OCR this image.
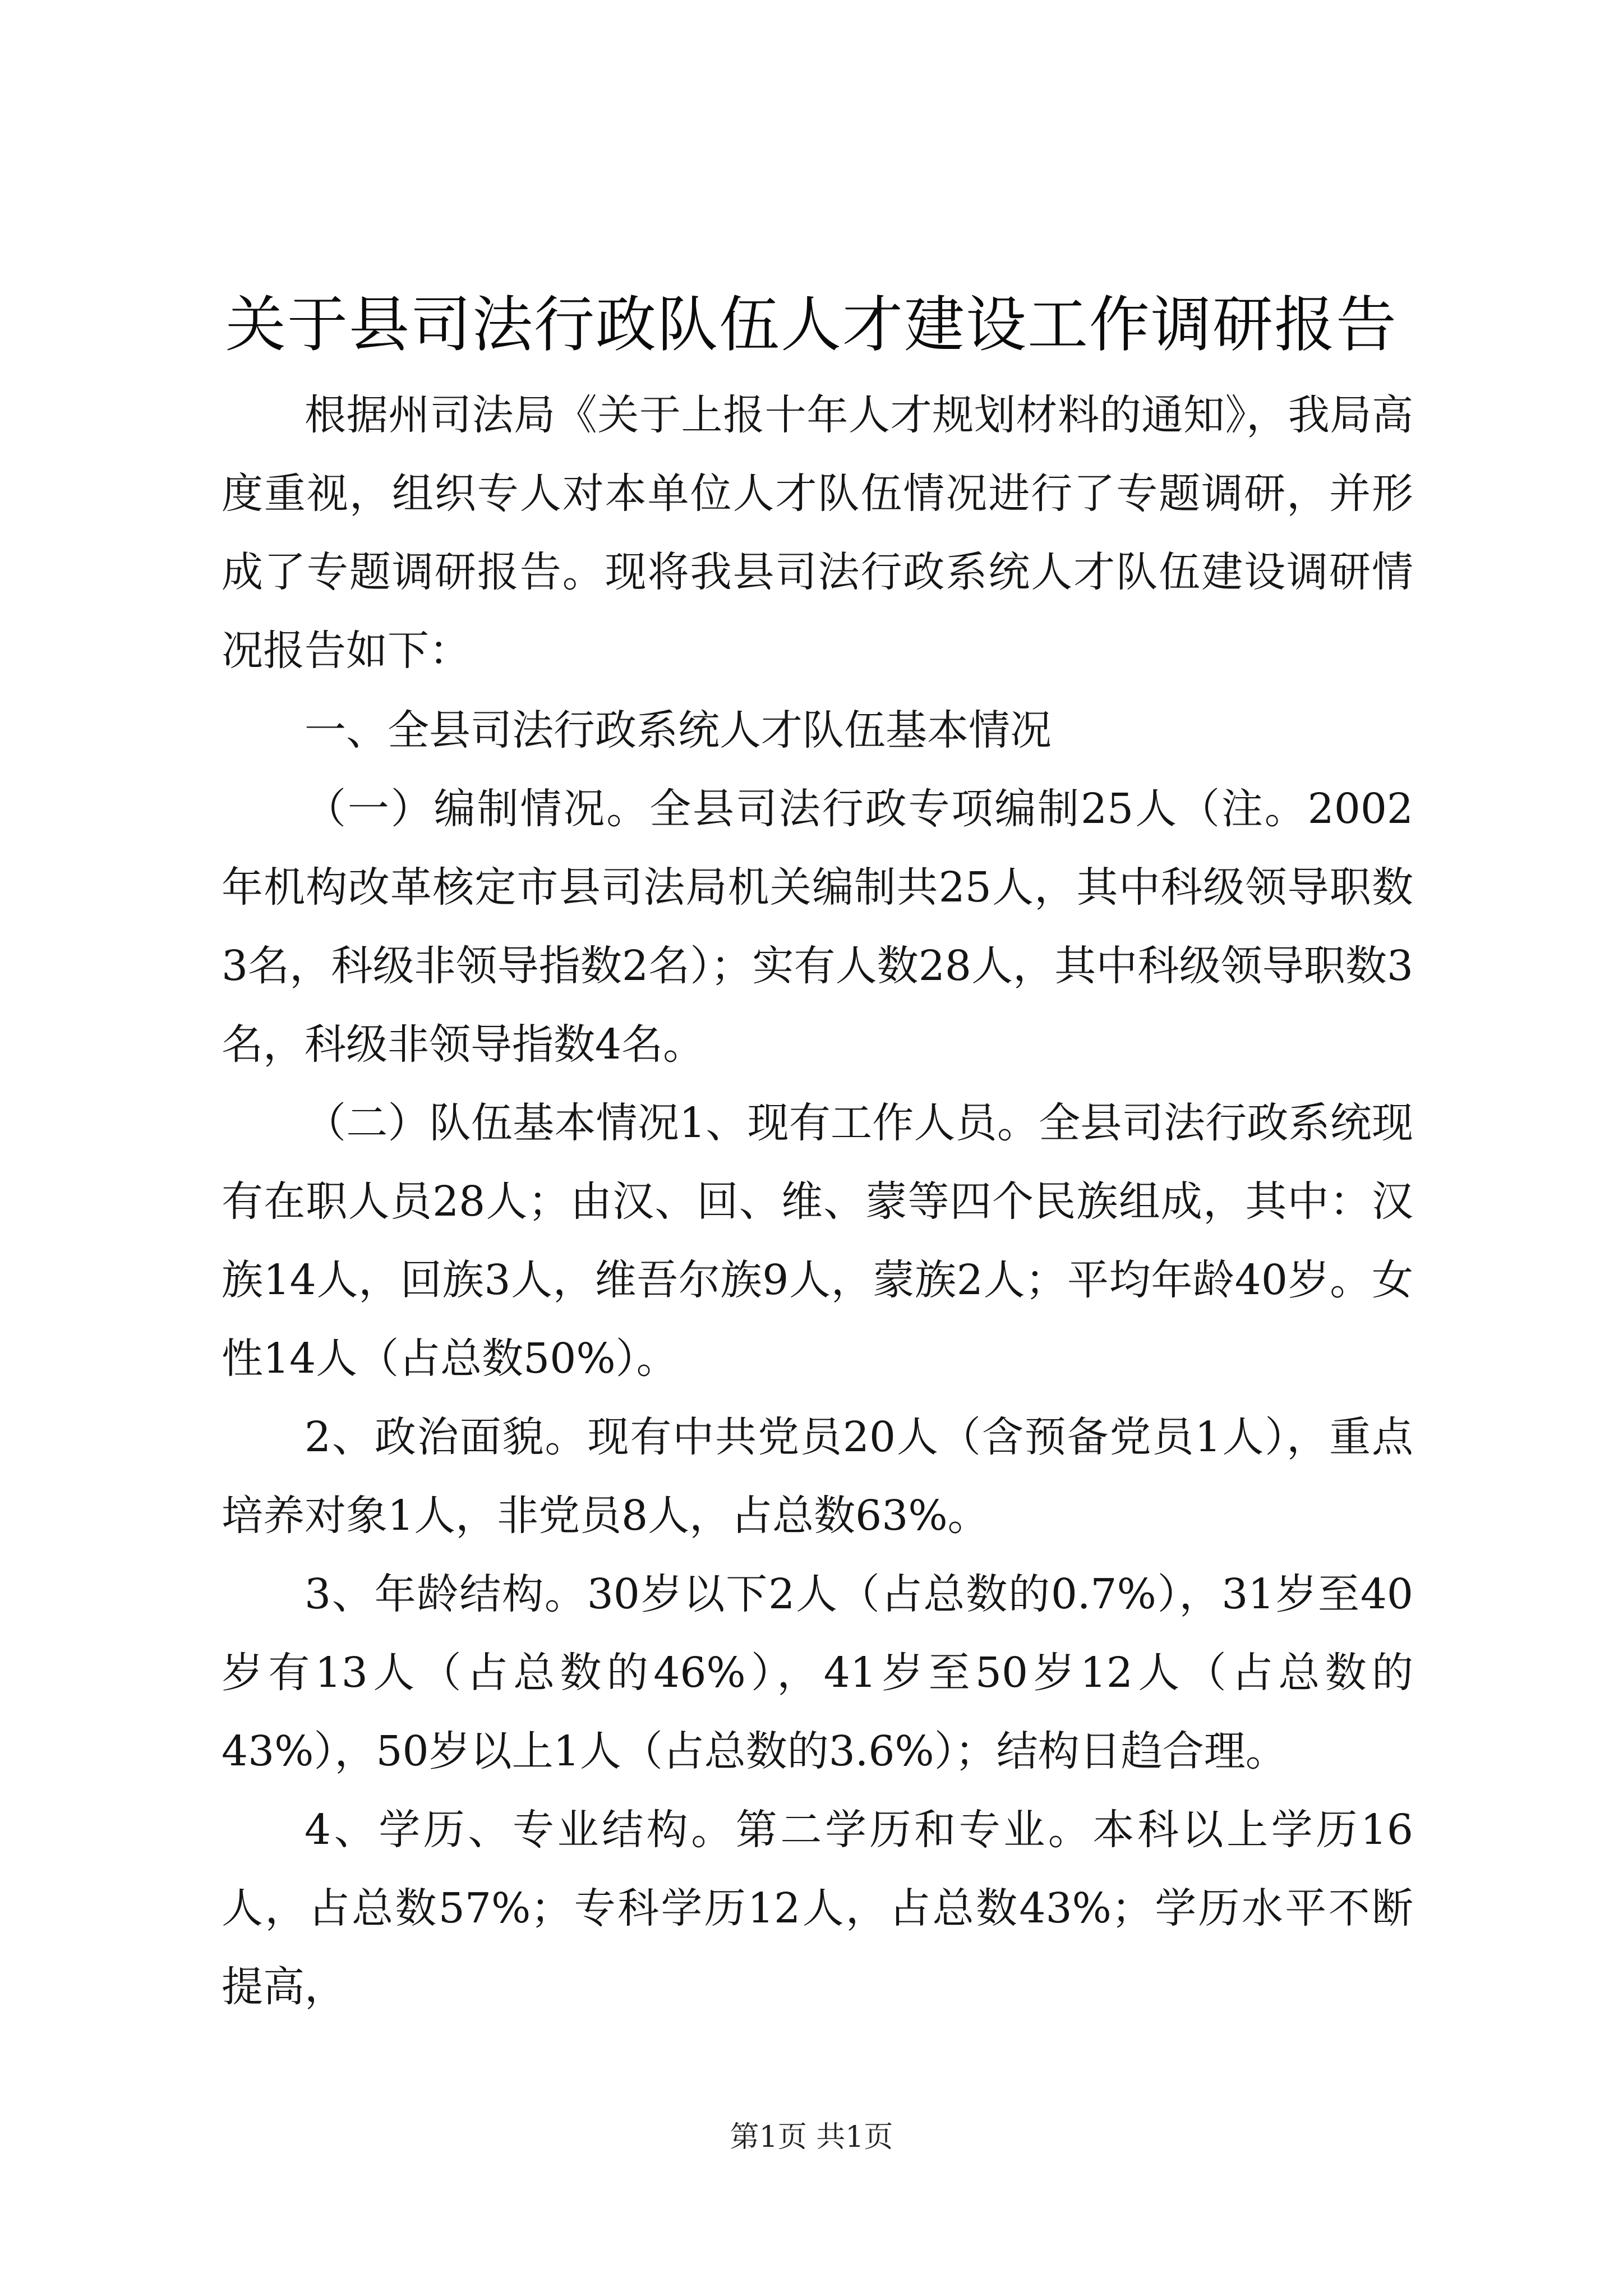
关于县司法行政队伍人才建设工作调研报告

根据州司法局《关于上报十年人才规划材料的通知》，我局高度重视，组织专人对本单位人才队伍情况进行了专题调研，并形成了专题调研报告。现将我县司法行政系统人才队伍建设调研情况报告如下：

一、全县司法行政系统人才队伍基本情况

（一）编制情况。全县司法行政专项编制25人（注。2002年机构改革核定市县司法局机关编制共25人，其中科级领导职数3名，科级非领导指数2名）；实有人数28人，其中科级领导职数3名，科级非领导指数4名。

（二）队伍基本情况1、现有工作人员。全县司法行政系统现有在职人员28人；由汉、回、维、蒙等四个民族组成，其中：汉族14人，回族3人，维吾尔族9人，蒙族2人；平均年龄40岁。女性14人（占总数50%）。

2、政治面貌。现有中共党员20人（含预备党员1人），重点培养对象1人，非党员8人，占总数63%。

3、年龄结构。30岁以下2人（占总数的0.7%），31岁至40岁有13人（占总数的46%），41岁至50岁12人（占总数的43%），50岁以上1人（占总数的3.6%）；结构日趋合理。

4、学历、专业结构。第二学历和专业。本科以上学历16人，占总数57%；专科学历12人，占总数43%；学历水平不断提高，

第1页 共1页
